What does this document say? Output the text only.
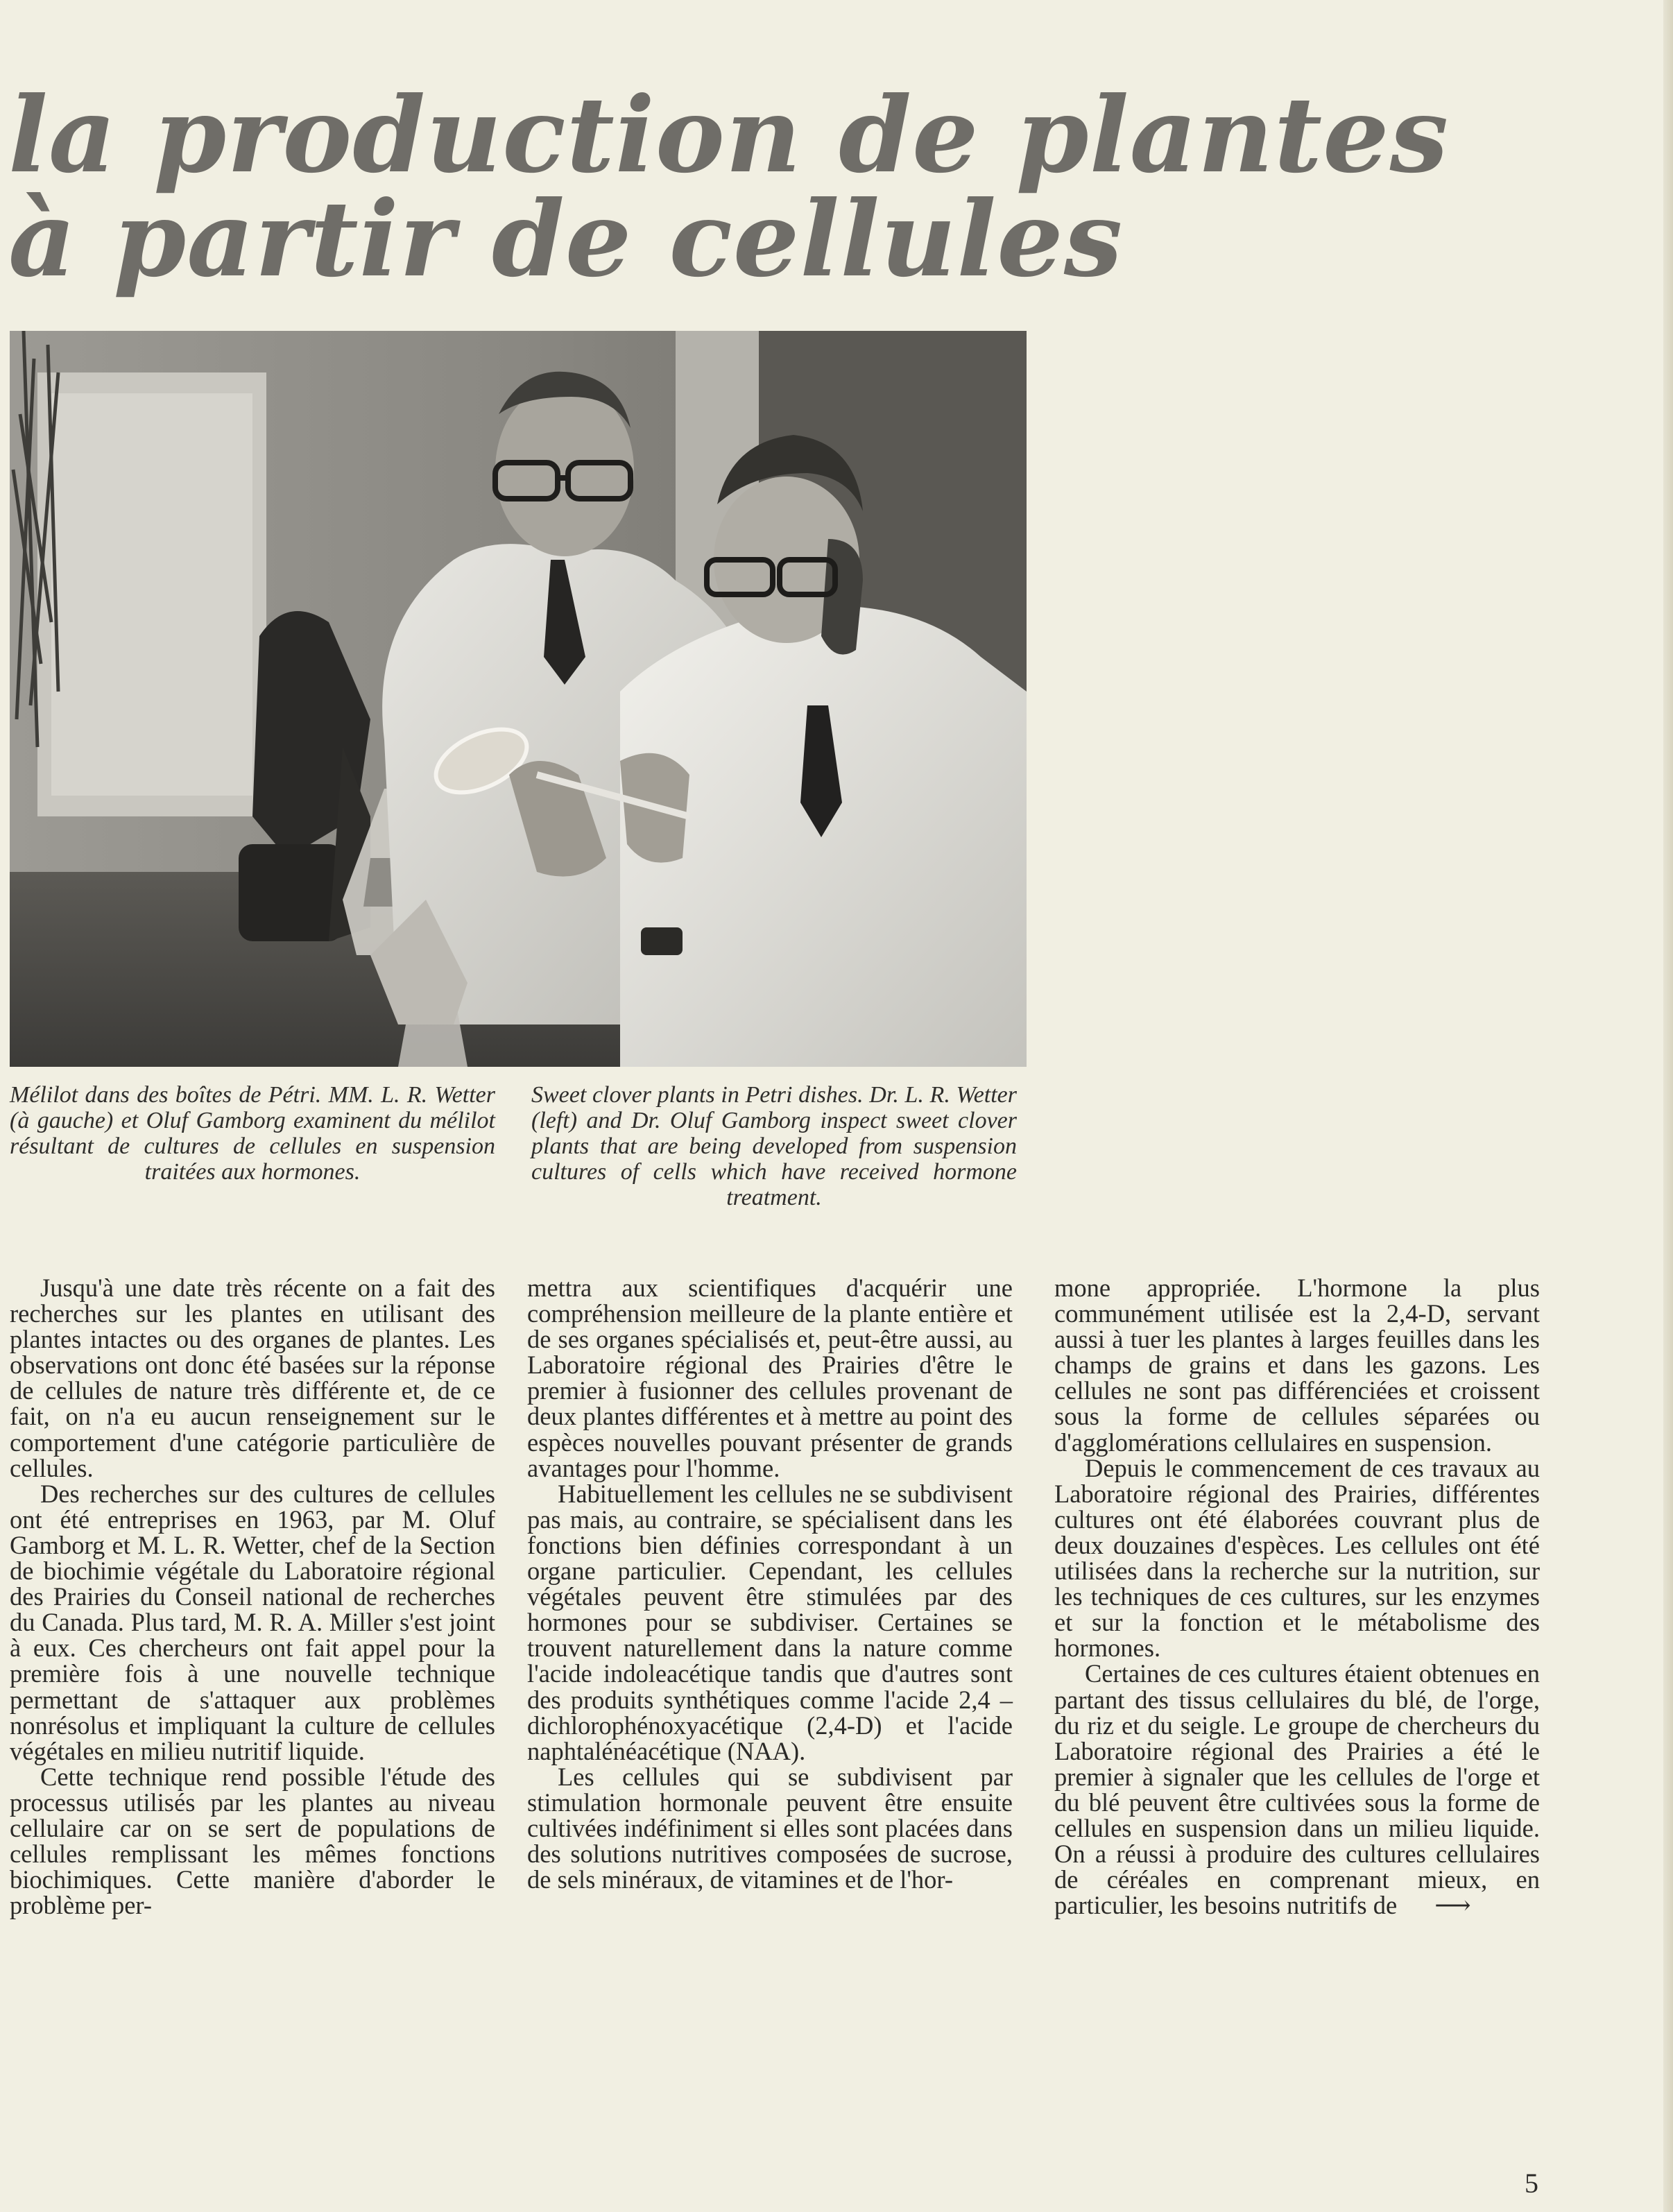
la production de plantes
à partir de cellules

Mélilot dans des boîtes de Pétri. MM. L. R. Wetter (à gauche) et Oluf Gamborg examinent du mélilot résultant de cultures de cellules en suspension traitées aux hormones.

Sweet clover plants in Petri dishes. Dr. L. R. Wetter (left) and Dr. Oluf Gamborg inspect sweet clover plants that are being developed from suspension cultures of cells which have received hormone treatment.

Jusqu'à une date très récente on a fait des recherches sur les plantes en utilisant des plantes intactes ou des organes de plantes. Les observations ont donc été basées sur la réponse de cellules de nature très différente et, de ce fait, on n'a eu aucun renseignement sur le comportement d'une catégorie particulière de cellules.

Des recherches sur des cultures de cellules ont été entreprises en 1963, par M. Oluf Gamborg et M. L. R. Wetter, chef de la Section de biochimie végétale du Laboratoire régional des Prairies du Conseil national de recherches du Canada. Plus tard, M. R. A. Miller s'est joint à eux. Ces chercheurs ont fait appel pour la première fois à une nouvelle technique permettant de s'attaquer aux problèmes nonrésolus et impliquant la culture de cellules végétales en milieu nutritif liquide.

Cette technique rend possible l'étude des processus utilisés par les plantes au niveau cellulaire car on se sert de populations de cellules remplissant les mêmes fonctions biochimiques. Cette manière d'aborder le problème per-

mettra aux scientifiques d'acquérir une compréhension meilleure de la plante entière et de ses organes spécialisés et, peut-être aussi, au Laboratoire régional des Prairies d'être le premier à fusionner des cellules provenant de deux plantes différentes et à mettre au point des espèces nouvelles pouvant présenter de grands avantages pour l'homme.

Habituellement les cellules ne se subdivisent pas mais, au contraire, se spécialisent dans les fonctions bien définies correspondant à un organe particulier. Cependant, les cellules végétales peuvent être stimulées par des hormones pour se subdiviser. Certaines se trouvent naturellement dans la nature comme l'acide indoleacétique tandis que d'autres sont des produits synthétiques comme l'acide 2,4 – dichlorophénoxyacétique (2,4-D) et l'acide naphtalénéacétique (NAA).

Les cellules qui se subdivisent par stimulation hormonale peuvent être ensuite cultivées indéfiniment si elles sont placées dans des solutions nutritives composées de sucrose, de sels minéraux, de vitamines et de l'hor-

mone appropriée. L'hormone la plus communément utilisée est la 2,4-D, servant aussi à tuer les plantes à larges feuilles dans les champs de grains et dans les gazons. Les cellules ne sont pas différenciées et croissent sous la forme de cellules séparées ou d'agglomérations cellulaires en suspension.

Depuis le commencement de ces travaux au Laboratoire régional des Prairies, différentes cultures ont été élaborées couvrant plus de deux douzaines d'espèces. Les cellules ont été utilisées dans la recherche sur la nutrition, sur les techniques de ces cultures, sur les enzymes et sur la fonction et le métabolisme des hormones.

Certaines de ces cultures étaient obtenues en partant des tissus cellulaires du blé, de l'orge, du riz et du seigle. Le groupe de chercheurs du Laboratoire régional des Prairies a été le premier à signaler que les cellules de l'orge et du blé peuvent être cultivées sous la forme de cellules en suspension dans un milieu liquide. On a réussi à produire des cultures cellulaires de céréales en comprenant mieux, en particulier, les besoins nutritifs de ⟶

5
